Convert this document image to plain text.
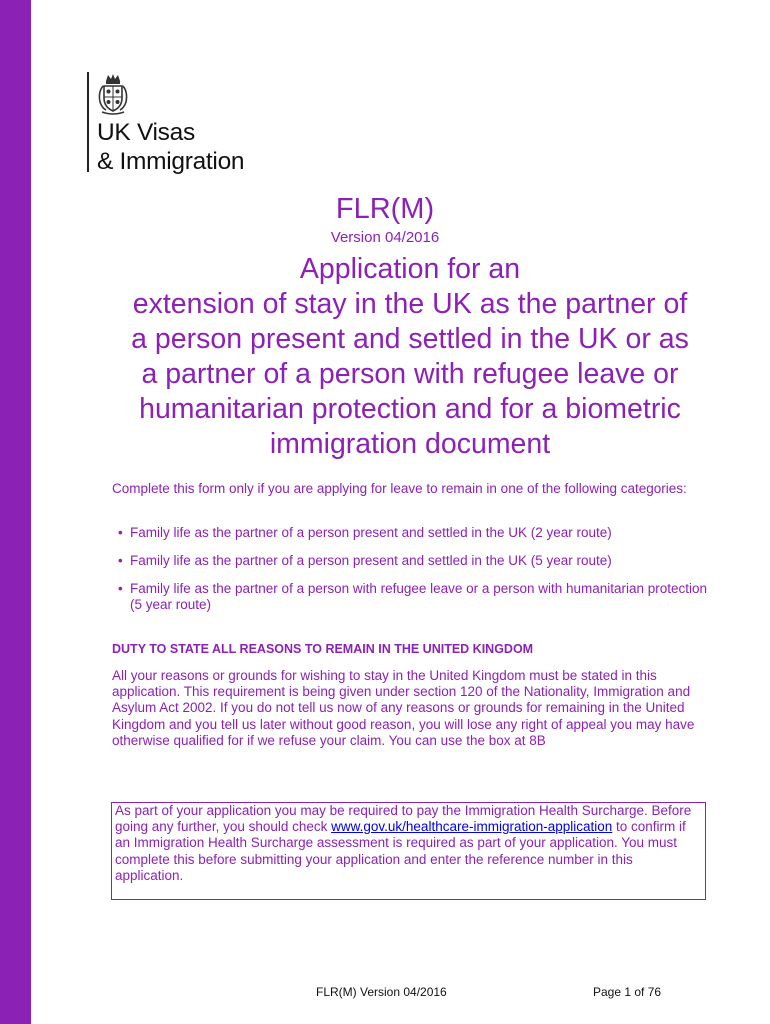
UK Visas
& Immigration
FLR(M)
Version 04/2016
Application for an
extension of stay in the UK as the partner of
a person present and settled in the UK or as
a partner of a person with refugee leave or
humanitarian protection and for a biometric
immigration document

Complete this form only if you are applying for leave to remain in one of the following categories:

• Family life as the partner of a person present and settled in the UK (2 year route)
• Family life as the partner of a person present and settled in the UK (5 year route)
• Family life as the partner of a person with refugee leave or a person with humanitarian protection (5 year route)
DUTY TO STATE ALL REASONS TO REMAIN IN THE UNITED KINGDOM

All your reasons or grounds for wishing to stay in the United Kingdom must be stated in this application. This requirement is being given under section 120 of the Nationality, Immigration and Asylum Act 2002. If you do not tell us now of any reasons or grounds for remaining in the United Kingdom and you tell us later without good reason, you will lose any right of appeal you may have otherwise qualified for if we refuse your claim. You can use the box at 8B

As part of your application you may be required to pay the Immigration Health Surcharge. Before going any further, you should check www.gov.uk/healthcare-immigration-application to confirm if an Immigration Health Surcharge assessment is required as part of your application. You must complete this before submitting your application and enter the reference number in this application.

FLR(M) Version 04/2016	Page 1 of 76
